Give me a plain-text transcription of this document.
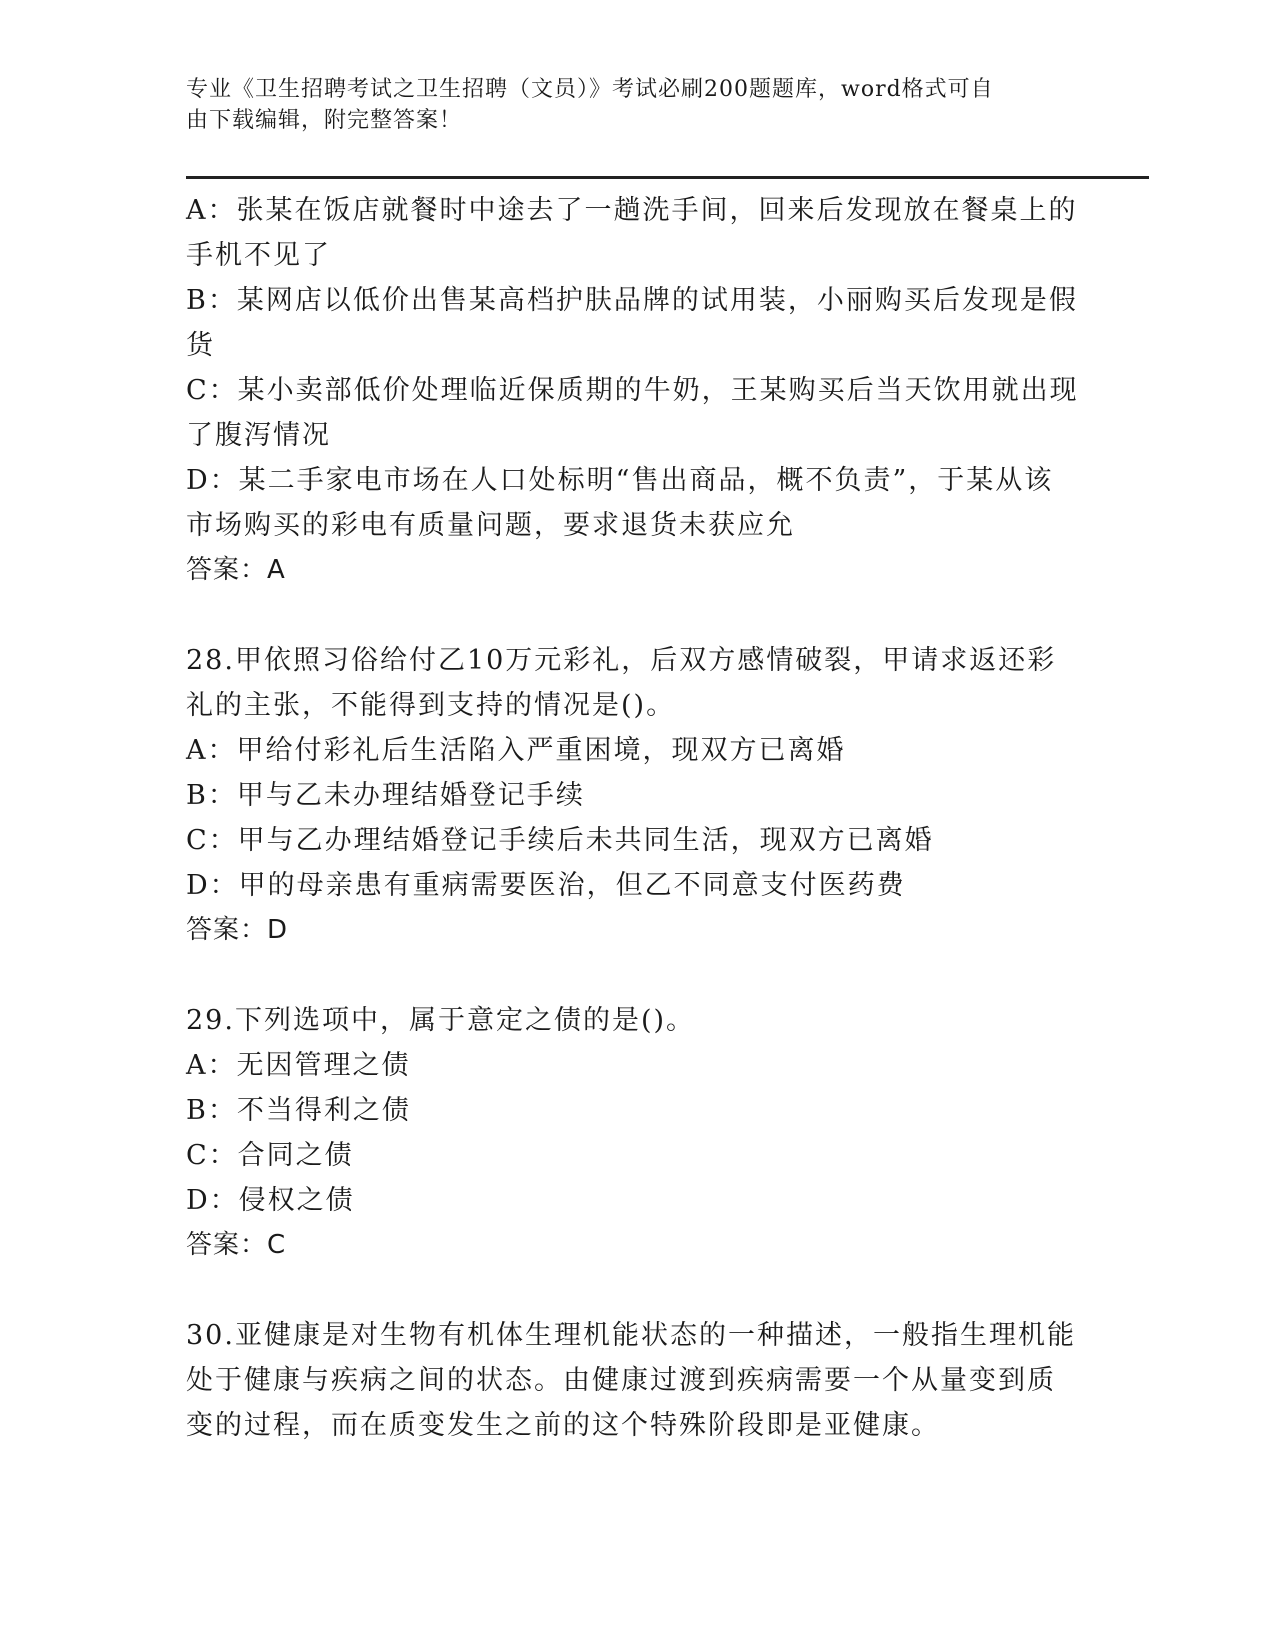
专业《卫生招聘考试之卫生招聘（文员）》考试必刷200题题库，word格式可自
由下载编辑，附完整答案！
A：张某在饭店就餐时中途去了一趟洗手间，回来后发现放在餐桌上的
手机不见了
B：某网店以低价出售某高档护肤品牌的试用装，小丽购买后发现是假
货
C：某小卖部低价处理临近保质期的牛奶，王某购买后当天饮用就出现
了腹泻情况
D：某二手家电市场在人口处标明“售出商品，概不负责”，于某从该
市场购买的彩电有质量问题，要求退货未获应允
答案：A
28.甲依照习俗给付乙10万元彩礼，后双方感情破裂，甲请求返还彩
礼的主张，不能得到支持的情况是()。
A：甲给付彩礼后生活陷入严重困境，现双方已离婚
B：甲与乙未办理结婚登记手续
C：甲与乙办理结婚登记手续后未共同生活，现双方已离婚
D：甲的母亲患有重病需要医治，但乙不同意支付医药费
答案：D
29.下列选项中，属于意定之债的是()。
A：无因管理之债
B：不当得利之债
C：合同之债
D：侵权之债
答案：C
30.亚健康是对生物有机体生理机能状态的一种描述，一般指生理机能
处于健康与疾病之间的状态。由健康过渡到疾病需要一个从量变到质
变的过程，而在质变发生之前的这个特殊阶段即是亚健康。
